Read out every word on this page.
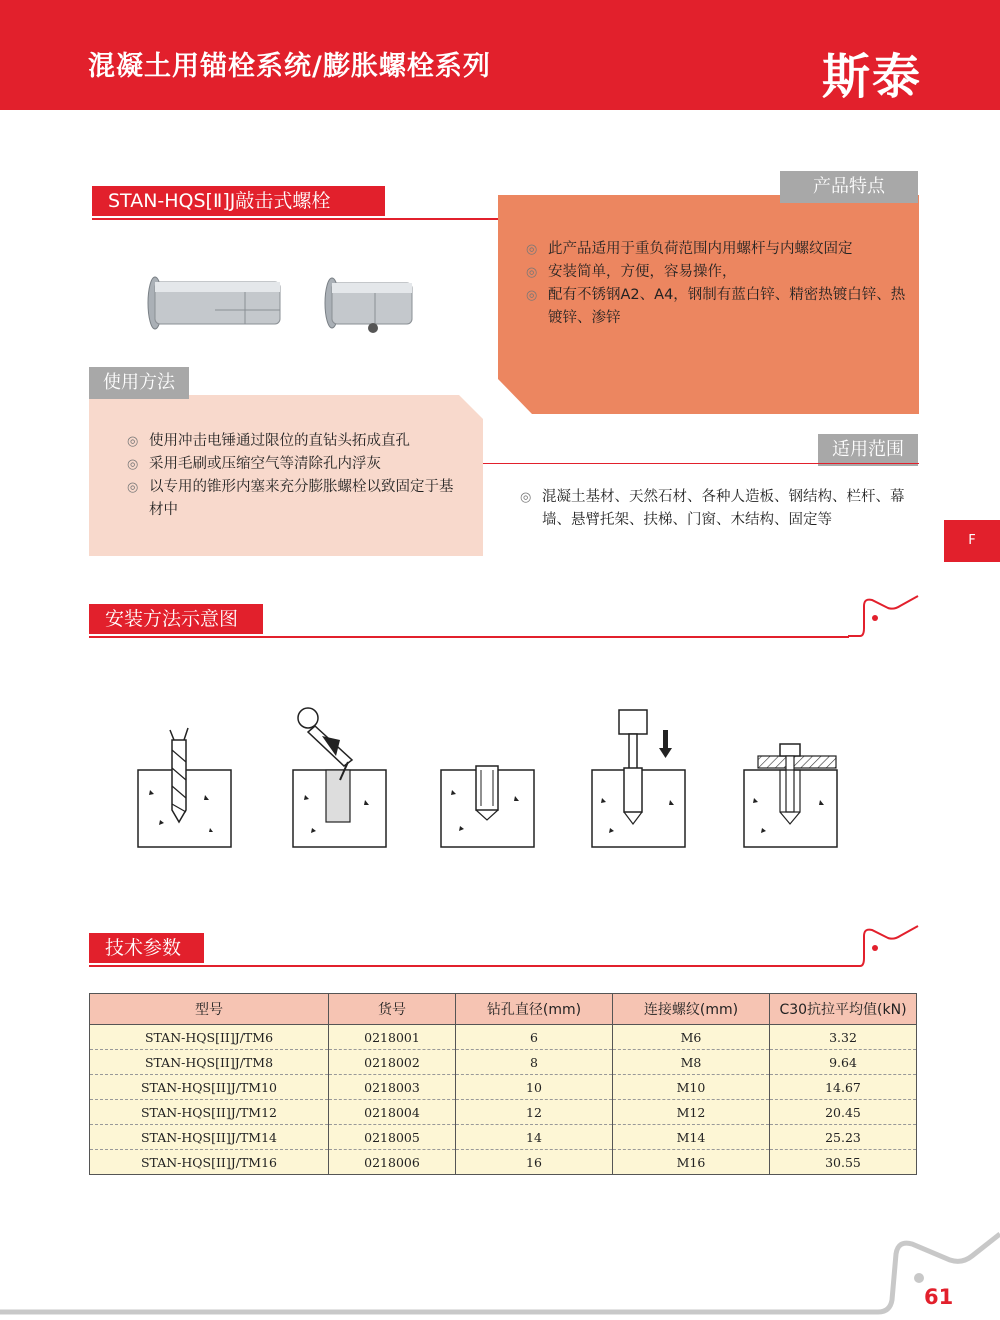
混凝土用锚栓系统/膨胀螺栓系列	斯泰
STAN-HQS[Ⅱ]J敲击式螺栓
产品特点
◎ 此产品适用于重负荷范围内用螺杆与内螺纹固定
◎ 安装简单，方便，容易操作，
◎ 配有不锈钢A2、A4，钢制有蓝白锌、精密热镀白锌、热镀锌、渗锌
使用方法
◎ 使用冲击电锤通过限位的直钻头拓成直孔
◎ 采用毛刷或压缩空气等清除孔内浮灰
◎ 以专用的锥形内塞来充分膨胀螺栓以致固定于基材中
适用范围
◎ 混凝土基材、天然石材、各种人造板、钢结构、栏杆、幕墙、悬臂托架、扶梯、门窗、木结构、固定等
F
安装方法示意图
技术参数
型号	货号	钻孔直径(mm)	连接螺纹(mm)	C30抗拉平均值(kN)
STAN-HQS[II]J/TM6	0218001	6	M6	3.32
STAN-HQS[II]J/TM8	0218002	8	M8	9.64
STAN-HQS[II]J/TM10	0218003	10	M10	14.67
STAN-HQS[II]J/TM12	0218004	12	M12	20.45
STAN-HQS[II]J/TM14	0218005	14	M14	25.23
STAN-HQS[II]J/TM16	0218006	16	M16	30.55
61
